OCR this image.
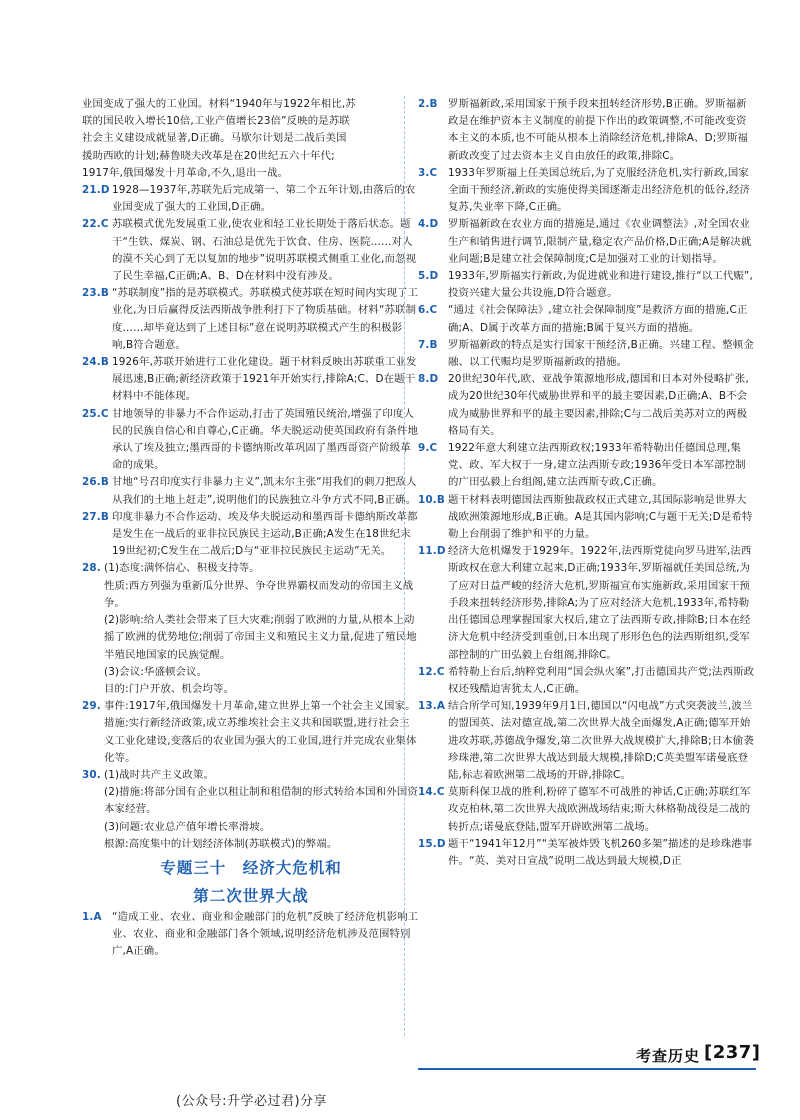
业国变成了强大的工业国。材料“1940年与1922年相比,苏

联的国民收入增长10倍,工业产值增长23倍”反映的是苏联

社会主义建设成就显著,D正确。马歇尔计划是二战后美国

援助西欧的计划;赫鲁晓夫改革是在20世纪五六十年代;

1917年,俄国爆发十月革命,不久,退出一战。

21.D 1928—1937年,苏联先后完成第一、第二个五年计划,由落后的农业国变成了强大的工业国,D正确。
22.C 苏联模式优先发展重工业,使农业和轻工业长期处于落后状态。题干“生铁、煤炭、钢、石油总是优先于饮食、住房、医院……对人的漠不关心到了无以复加的地步”说明苏联模式侧重工业化,而忽视了民生幸福,C正确;A、B、D在材料中没有涉及。
23.B “苏联制度”指的是苏联模式。苏联模式使苏联在短时间内实现了工业化,为日后赢得反法西斯战争胜利打下了物质基础。材料“苏联制度……却毕竟达到了上述目标”意在说明苏联模式产生的积极影响,B符合题意。
24.B 1926年,苏联开始进行工业化建设。题干材料反映出苏联重工业发展迅速,B正确;新经济政策于1921年开始实行,排除A;C、D在题干材料中不能体现。
25.C 甘地领导的非暴力不合作运动,打击了英国殖民统治,增强了印度人民的民族自信心和自尊心,C正确。华夫脱运动使英国政府有条件地承认了埃及独立;墨西哥的卡德纳斯改革巩固了墨西哥资产阶级革命的成果。
26.B 甘地“号召印度实行非暴力主义”,凯末尔主张“用我们的刺刀把敌人从我们的土地上赶走”,说明他们的民族独立斗争方式不同,B正确。
27.B 印度非暴力不合作运动、埃及华夫脱运动和墨西哥卡德纳斯改革都是发生在一战后的亚非拉民族民主运动,B正确;A发生在18世纪末19世纪初;C发生在二战后;D与“亚非拉民族民主运动”无关。
28. (1)态度:满怀信心、积极支持等。

性质:西方列强为重新瓜分世界、争夺世界霸权而发动的帝国主义战争。

(2)影响:给人类社会带来了巨大灾难;削弱了欧洲的力量,从根本上动摇了欧洲的优势地位;削弱了帝国主义和殖民主义力量,促进了殖民地半殖民地国家的民族觉醒。

(3)会议:华盛顿会议。

目的:门户开放、机会均等。

29. 事件:1917年,俄国爆发十月革命,建立世界上第一个社会主义国家。措施:实行新经济政策,成立苏维埃社会主义共和国联盟,进行社会主义工业化建设,变落后的农业国为强大的工业国,进行并完成农业集体化等。
30. (1)战时共产主义政策。

(2)措施:将部分国有企业以租让制和租借制的形式转给本国和外国资本家经营。

(3)问题:农业总产值年增长率滑坡。

根源:高度集中的计划经济体制(苏联模式)的弊端。

专题三十　经济大危机和
第二次世界大战
1.A “造成工业、农业、商业和金融部门的危机”反映了经济危机影响工业、农业、商业和金融部门各个领域,说明经济危机涉及范围特别广,A正确。
2.B 罗斯福新政,采用国家干预手段来扭转经济形势,B正确。罗斯福新政是在维护资本主义制度的前提下作出的政策调整,不可能改变资本主义的本质,也不可能从根本上消除经济危机,排除A、D;罗斯福新政改变了过去资本主义自由放任的政策,排除C。
3.C 1933年罗斯福上任美国总统后,为了克服经济危机,实行新政,国家全面干预经济,新政的实施使得美国逐渐走出经济危机的低谷,经济复苏,失业率下降,C正确。
4.D 罗斯福新政在农业方面的措施是,通过《农业调整法》,对全国农业生产和销售进行调节,限制产量,稳定农产品价格,D正确;A是解决就业问题;B是建立社会保障制度;C是加强对工业的计划指导。
5.D 1933年,罗斯福实行新政,为促进就业和进行建设,推行“以工代赈”,投资兴建大量公共设施,D符合题意。
6.C “通过《社会保障法》,建立社会保障制度”是救济方面的措施,C正确;A、D属于改革方面的措施;B属于复兴方面的措施。
7.B 罗斯福新政的特点是实行国家干预经济,B正确。兴建工程、整顿金融、以工代赈均是罗斯福新政的措施。
8.D 20世纪30年代,欧、亚战争策源地形成,德国和日本对外侵略扩张,成为20世纪30年代威胁世界和平的最主要因素,D正确;A、B不会成为威胁世界和平的最主要因素,排除;C与二战后美苏对立的两极格局有关。
9.C 1922年意大利建立法西斯政权;1933年希特勒出任德国总理,集党、政、军大权于一身,建立法西斯专政;1936年受日本军部控制的广田弘毅上台组阁,建立法西斯专政,C正确。
10.B 题干材料表明德国法西斯独裁政权正式建立,其国际影响是世界大战欧洲策源地形成,B正确。A是其国内影响;C与题干无关;D是希特勒上台削弱了维护和平的力量。
11.D 经济大危机爆发于1929年。1922年,法西斯党徒向罗马进军,法西斯政权在意大利建立起来,D正确;1933年,罗斯福就任美国总统,为了应对日益严峻的经济大危机,罗斯福宣布实施新政,采用国家干预手段来扭转经济形势,排除A;为了应对经济大危机,1933年,希特勒出任德国总理掌握国家大权后,建立了法西斯专政,排除B;日本在经济大危机中经济受到重创,日本出现了形形色色的法西斯组织,受军部控制的广田弘毅上台组阁,排除C。
12.C 希特勒上台后,纳粹党利用“国会纵火案”,打击德国共产党;法西斯政权还残酷迫害犹太人,C正确。
13.A 结合所学可知,1939年9月1日,德国以“闪电战”方式突袭波兰,波兰的盟国英、法对德宣战,第二次世界大战全面爆发,A正确;德军开始进攻苏联,苏德战争爆发,第二次世界大战规模扩大,排除B;日本偷袭珍珠港,第二次世界大战达到最大规模,排除D;C英美盟军诺曼底登陆,标志着欧洲第二战场的开辟,排除C。
14.C 莫斯科保卫战的胜利,粉碎了德军不可战胜的神话,C正确;苏联红军攻克柏林,第二次世界大战欧洲战场结束;斯大林格勒战役是二战的转折点;诺曼底登陆,盟军开辟欧洲第二战场。
15.D 题干“1941年12月”“美军被炸毁飞机260多架”描述的是珍珠港事件。“英、美对日宣战”说明二战达到最大规模,D正
考查历史 [237]
(公众号:升学必过君)分享
